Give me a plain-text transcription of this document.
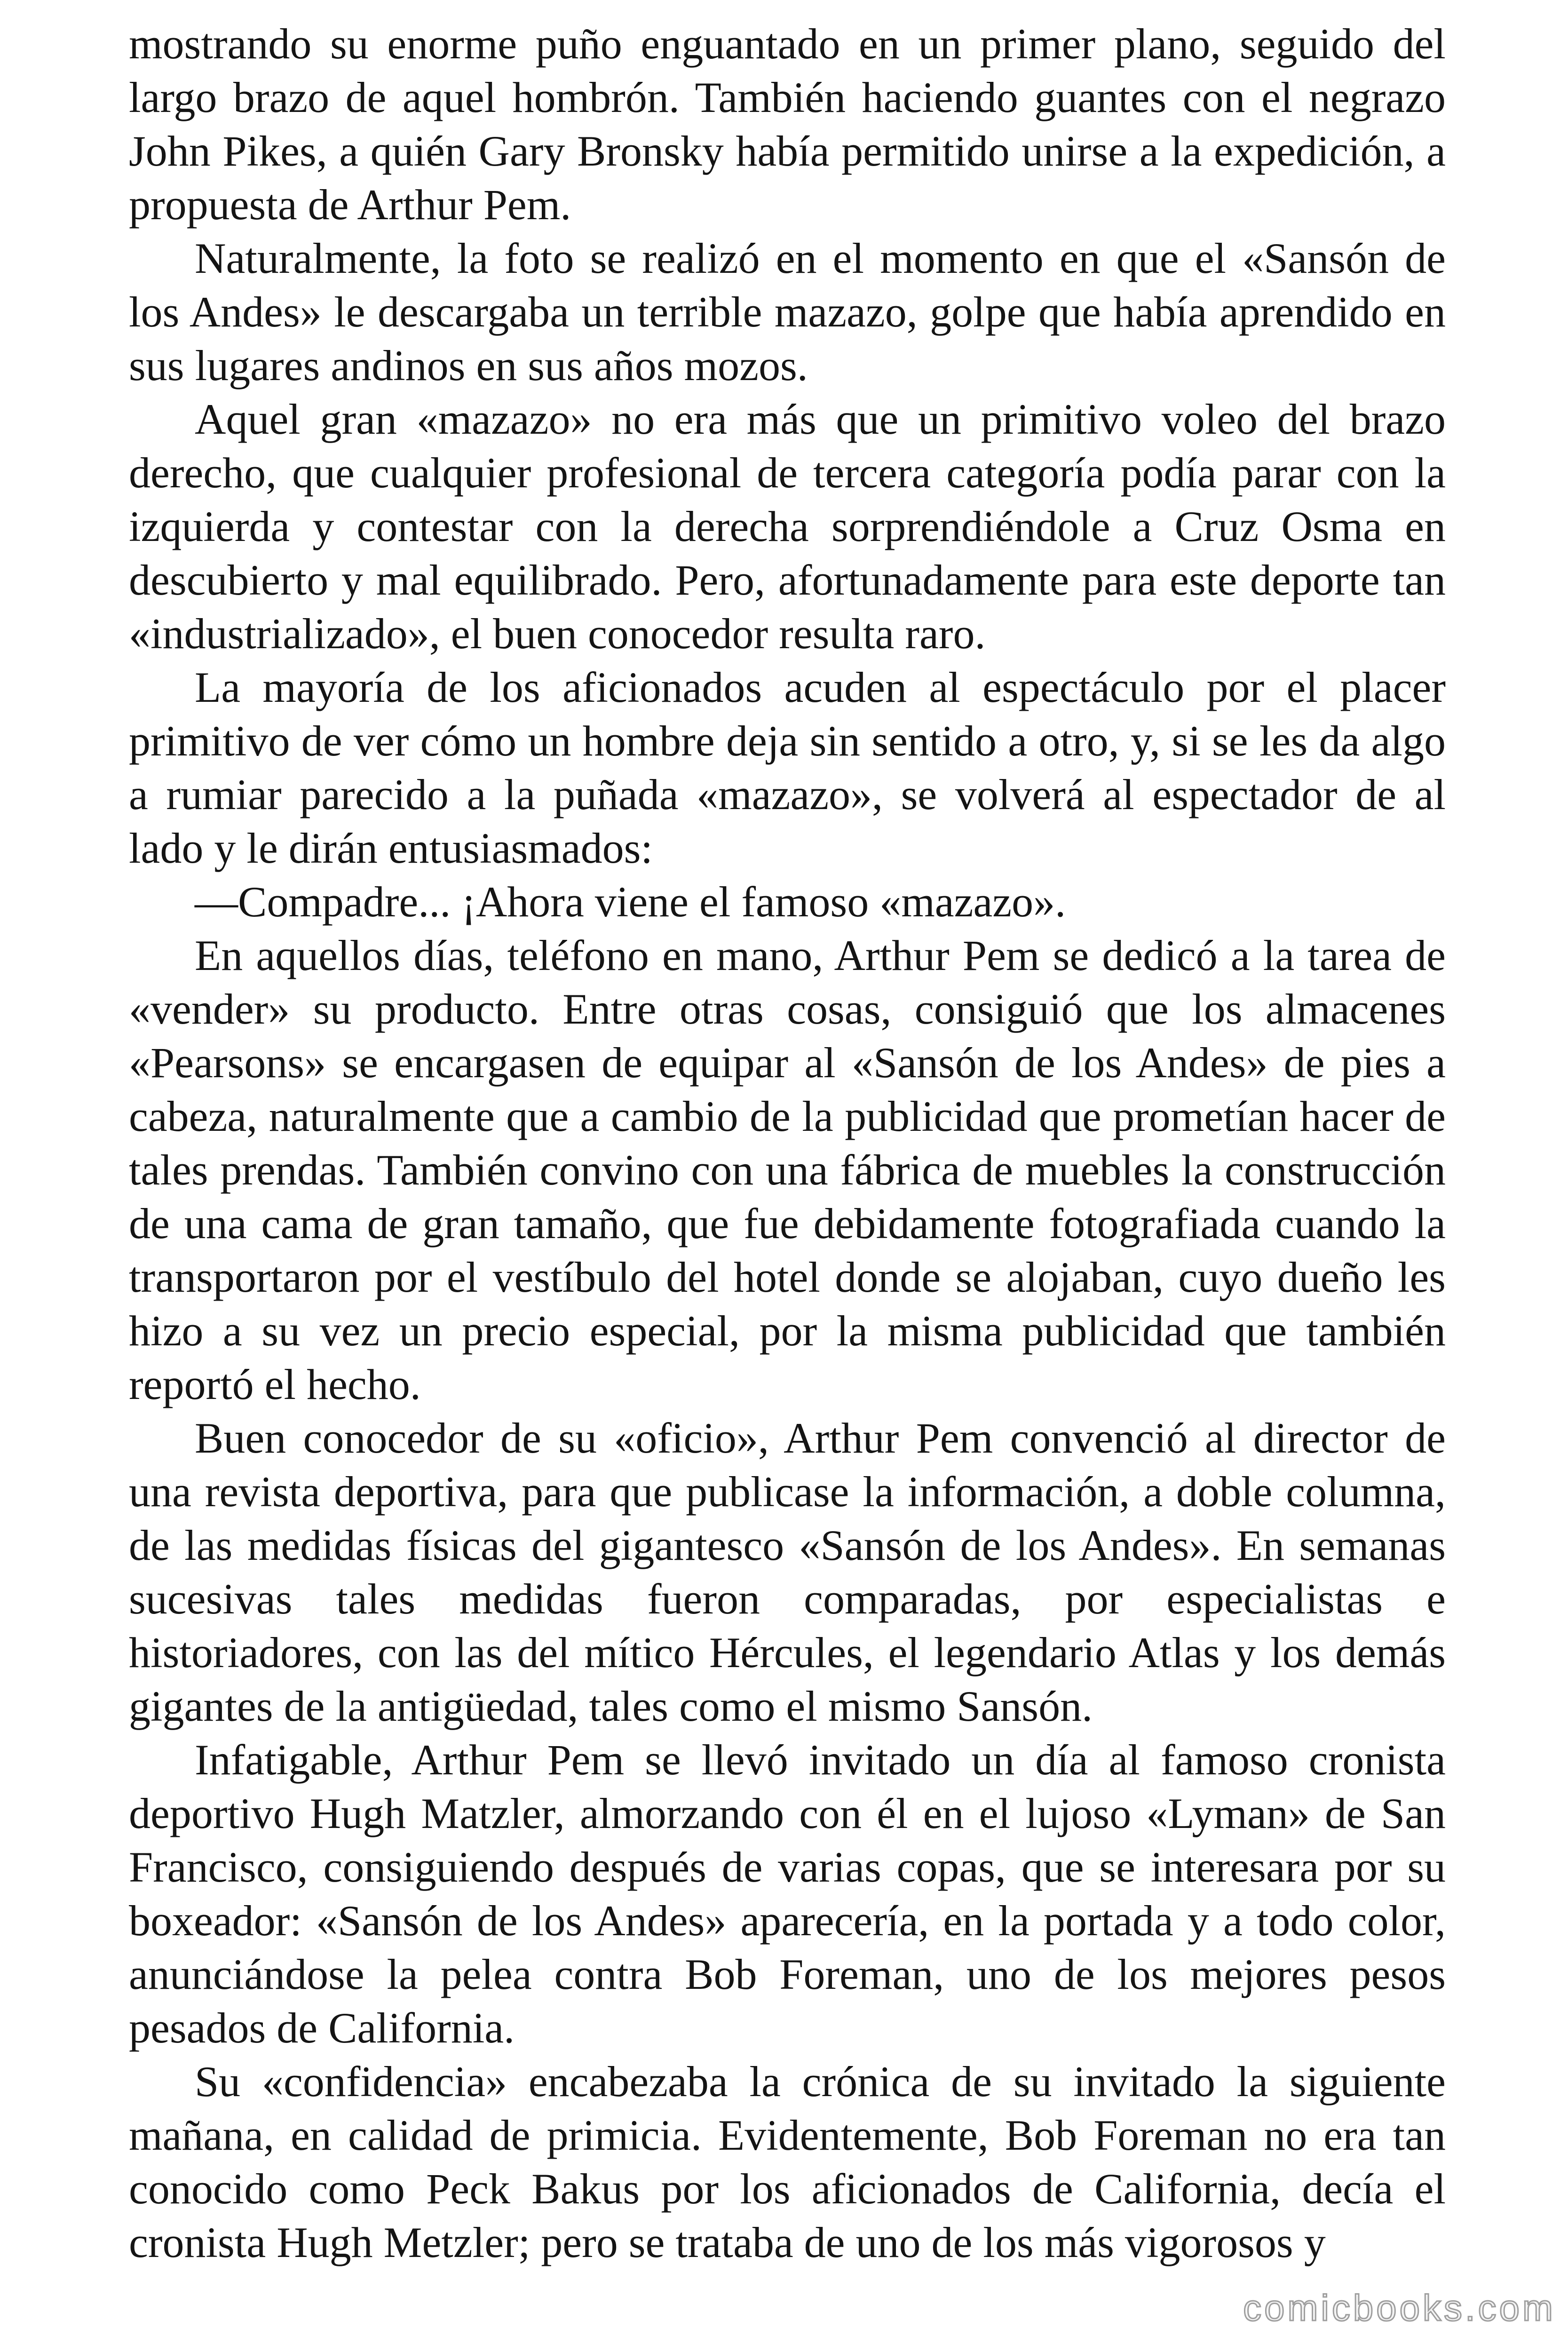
mostrando su enorme puño enguantado en un primer plano, seguido del
largo brazo de aquel hombrón. También haciendo guantes con el negrazo
John Pikes, a quién Gary Bronsky había permitido unirse a la expedición, a
propuesta de Arthur Pem.

Naturalmente, la foto se realizó en el momento en que el «Sansón de
los Andes» le descargaba un terrible mazazo, golpe que había aprendido en
sus lugares andinos en sus años mozos.

Aquel gran «mazazo» no era más que un primitivo voleo del brazo
derecho, que cualquier profesional de tercera categoría podía parar con la
izquierda y contestar con la derecha sorprendiéndole a Cruz Osma en
descubierto y mal equilibrado. Pero, afortunadamente para este deporte tan
«industrializado», el buen conocedor resulta raro.

La mayoría de los aficionados acuden al espectáculo por el placer
primitivo de ver cómo un hombre deja sin sentido a otro, y, si se les da algo
a rumiar parecido a la puñada «mazazo», se volverá al espectador de al
lado y le dirán entusiasmados:

—Compadre... ¡Ahora viene el famoso «mazazo».

En aquellos días, teléfono en mano, Arthur Pem se dedicó a la tarea de
«vender» su producto. Entre otras cosas, consiguió que los almacenes
«Pearsons» se encargasen de equipar al «Sansón de los Andes» de pies a
cabeza, naturalmente que a cambio de la publicidad que prometían hacer de
tales prendas. También convino con una fábrica de muebles la construcción
de una cama de gran tamaño, que fue debidamente fotografiada cuando la
transportaron por el vestíbulo del hotel donde se alojaban, cuyo dueño les
hizo a su vez un precio especial, por la misma publicidad que también
reportó el hecho.

Buen conocedor de su «oficio», Arthur Pem convenció al director de
una revista deportiva, para que publicase la información, a doble columna,
de las medidas físicas del gigantesco «Sansón de los Andes». En semanas
sucesivas tales medidas fueron comparadas, por especialistas e
historiadores, con las del mítico Hércules, el legendario Atlas y los demás
gigantes de la antigüedad, tales como el mismo Sansón.

Infatigable, Arthur Pem se llevó invitado un día al famoso cronista
deportivo Hugh Matzler, almorzando con él en el lujoso «Lyman» de San
Francisco, consiguiendo después de varias copas, que se interesara por su
boxeador: «Sansón de los Andes» aparecería, en la portada y a todo color,
anunciándose la pelea contra Bob Foreman, uno de los mejores pesos
pesados de California.

Su «confidencia» encabezaba la crónica de su invitado la siguiente
mañana, en calidad de primicia. Evidentemente, Bob Foreman no era tan
conocido como Peck Bakus por los aficionados de California, decía el
cronista Hugh Metzler; pero se trataba de uno de los más vigorosos y

comicbooks.com
